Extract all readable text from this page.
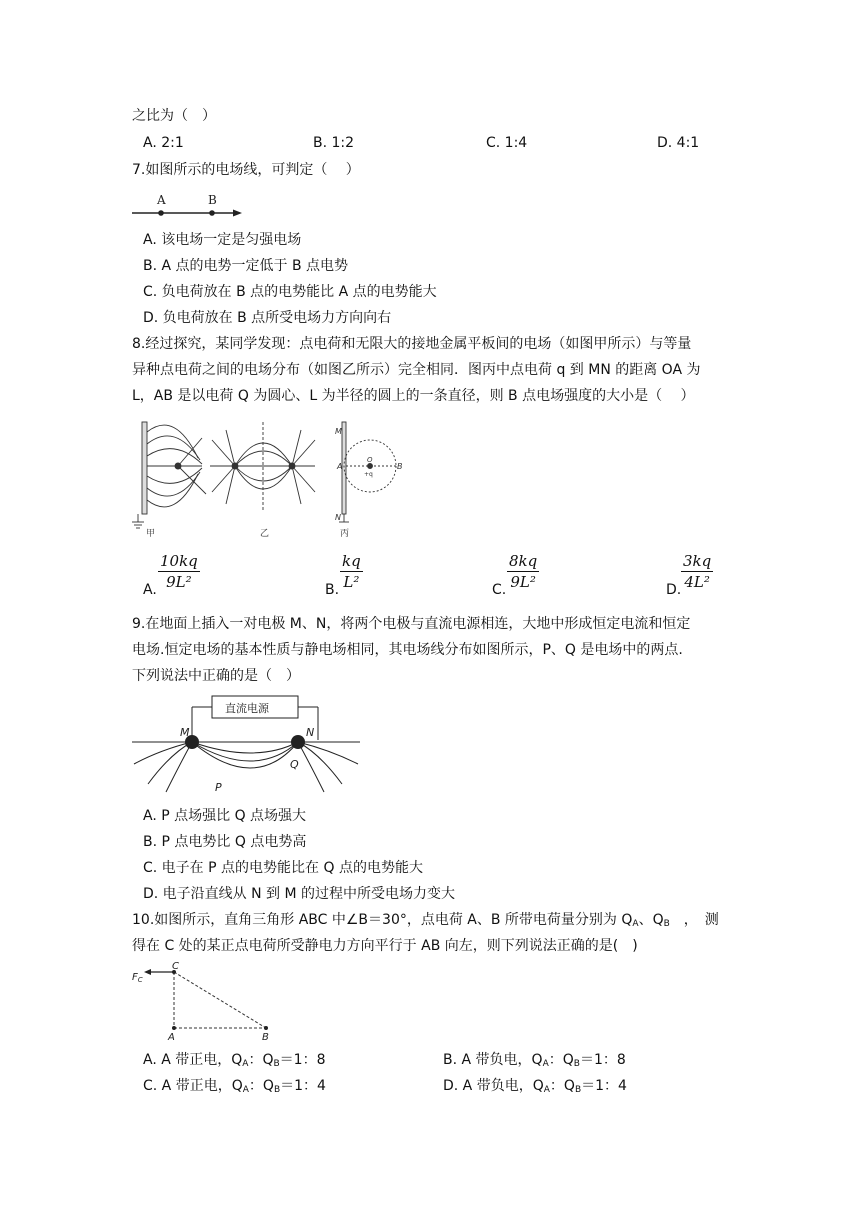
之比为（　）
A. 2:1	B. 1:2	C. 1:4	D. 4:1
7.如图所示的电场线，可判定（　 ）
A	B
A. 该电场一定是匀强电场
B. A 点的电势一定低于 B 点电势
C. 负电荷放在 B 点的电势能比 A 点的电势能大
D. 负电荷放在 B 点所受电场力方向向右
8.经过探究，某同学发现：点电荷和无限大的接地金属平板间的电场（如图甲所示）与等量
异种点电荷之间的电场分布（如图乙所示）完全相同．图丙中点电荷 q 到 MN 的距离 OA 为
L，AB 是以电荷 Q 为圆心、L 为半径的圆上的一条直径，则 B 点电场强度的大小是（　 ）
甲	乙
M
N
A
O
B
+q
丙
A.
10kq
9L²	B.
kq
L²	C.
8kq
9L²	D.
3kq
4L²
9.在地面上插入一对电极 M、N，将两个电极与直流电源相连，大地中形成恒定电流和恒定
电场.恒定电场的基本性质与静电场相同，其电场线分布如图所示，P、Q 是电场中的两点.
下列说法中正确的是（　）
直流电源
M	N
P
Q
A. P 点场强比 Q 点场强大
B. P 点电势比 Q 点电势高
C. 电子在 P 点的电势能比在 Q 点的电势能大
D. 电子沿直线从 N 到 M 的过程中所受电场力变大
10.如图所示，直角三角形 ABC 中∠B＝30°，点电荷 A、B 所带电荷量分别为 $Q_A$、$Q_B$　，　测
得在 C 处的某正点电荷所受静电力方向平行于 AB 向左，则下列说法正确的是(　)
$F_C$
C
A	B
A. A 带正电，$Q_A$：$Q_B=1$：8	B. A 带负电，$Q_A$：$Q_B=1$：8
C. A 带正电，$Q_A$：$Q_B=1$：4	D. A 带负电，$Q_A$：$Q_B=1$：4
